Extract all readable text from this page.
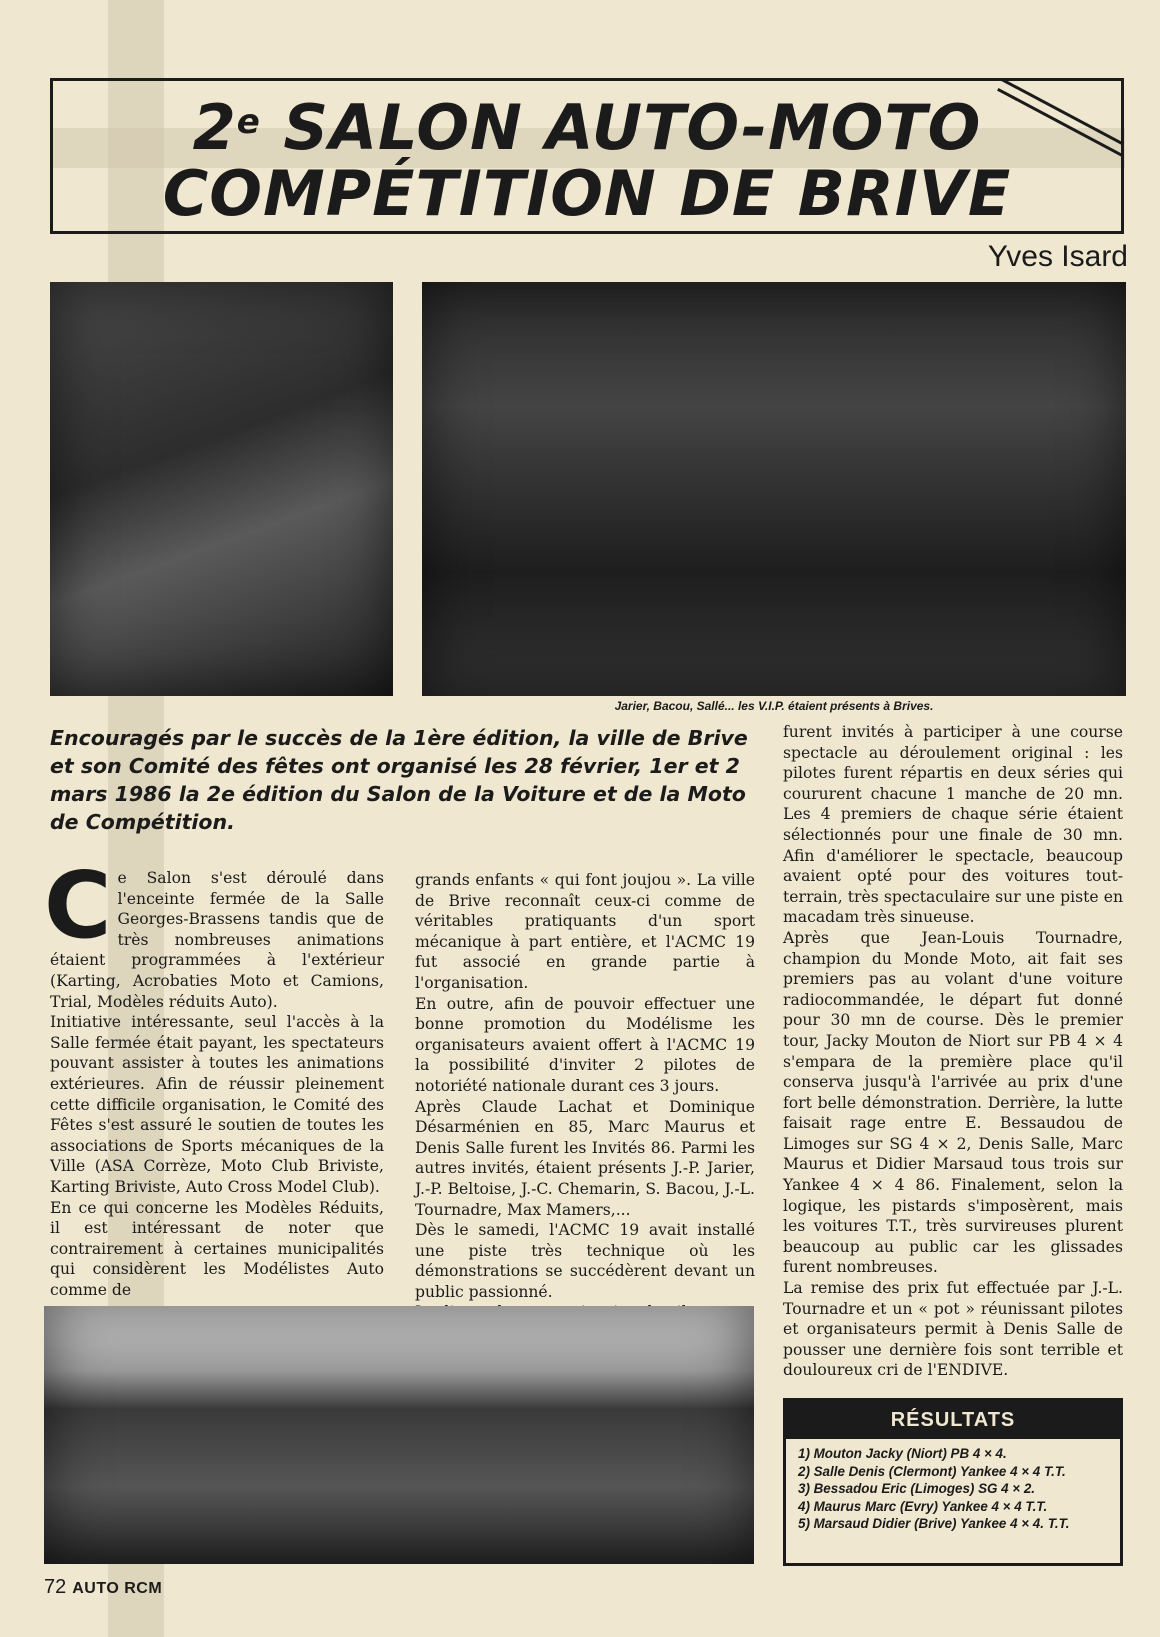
2e SALON AUTO-MOTO
COMPÉTITION DE BRIVE
Yves Isard
Jarier, Bacou, Sallé... les V.I.P. étaient présents à Brives.
Encouragés par le succès de la 1ère édition, la ville de Brive et son Comité des fêtes ont organisé les 28 février, 1er et 2 mars 1986 la 2e édition du Salon de la Voiture et de la Moto de Compétition.

Ce Salon s'est déroulé dans l'enceinte fermée de la Salle Georges-Brassens tandis que de très nombreuses animations étaient programmées à l'extérieur (Karting, Acrobaties Moto et Camions, Trial, Modèles réduits Auto).

Initiative intéressante, seul l'accès à la Salle fermée était payant, les spectateurs pouvant assister à toutes les animations extérieures. Afin de réussir pleinement cette difficile organisation, le Comité des Fêtes s'est assuré le soutien de toutes les associations de Sports mécaniques de la Ville (ASA Corrèze, Moto Club Briviste, Karting Briviste, Auto Cross Model Club).

En ce qui concerne les Modèles Réduits, il est intéressant de noter que contrairement à certaines municipalités qui considèrent les Modélistes Auto comme de

grands enfants « qui font joujou ». La ville de Brive reconnaît ceux-ci comme de véritables pratiquants d'un sport mécanique à part entière, et l'ACMC 19 fut associé en grande partie à l'organisation.

En outre, afin de pouvoir effectuer une bonne promotion du Modélisme les organisateurs avaient offert à l'ACMC 19 la possibilité d'inviter 2 pilotes de notoriété nationale durant ces 3 jours.

Après Claude Lachat et Dominique Désarménien en 85, Marc Maurus et Denis Salle furent les Invités 86. Parmi les autres invités, étaient présents J.-P. Jarier, J.-P. Beltoise, J.-C. Chemarin, S. Bacou, J.-L. Tournadre, Max Mamers,...

Dès le samedi, l'ACMC 19 avait installé une piste très technique où les démonstrations se succédèrent devant un public passionné.

furent invités à participer à une course spectacle au déroulement original : les pilotes furent répartis en deux séries qui coururent chacune 1 manche de 20 mn. Les 4 premiers de chaque série étaient sélectionnés pour une finale de 30 mn. Afin d'améliorer le spectacle, beaucoup avaient opté pour des voitures tout-terrain, très spectaculaire sur une piste en macadam très sinueuse.

Après que Jean-Louis Tournadre, champion du Monde Moto, ait fait ses premiers pas au volant d'une voiture radiocommandée, le départ fut donné pour 30 mn de course. Dès le premier tour, Jacky Mouton de Niort sur PB 4 × 4 s'empara de la première place qu'il conserva jusqu'à l'arrivée au prix d'une fort belle démonstration. Derrière, la lutte faisait rage entre E. Bessaudou de Limoges sur SG 4 × 2, Denis Salle, Marc Maurus et Didier Marsaud tous trois sur Yankee 4 × 4 86. Finalement, selon la logique, les pistards s'imposèrent, mais les voitures T.T., très survireuses plurent beaucoup au public car les glissades furent nombreuses.

La remise des prix fut effectuée par J.-L. Tournadre et un « pot » réunissant pilotes et organisateurs permit à Denis Salle de pousser une dernière fois sont terrible et douloureux cri de l'ENDIVE.

RÉSULTATS
1) Mouton Jacky (Niort) PB 4 × 4.
2) Salle Denis (Clermont) Yankee 4 × 4 T.T.
3) Bessadou Eric (Limoges) SG 4 × 2.
4) Maurus Marc (Evry) Yankee 4 × 4 T.T.
5) Marsaud Didier (Brive) Yankee 4 × 4. T.T.
72 AUTO RCM
